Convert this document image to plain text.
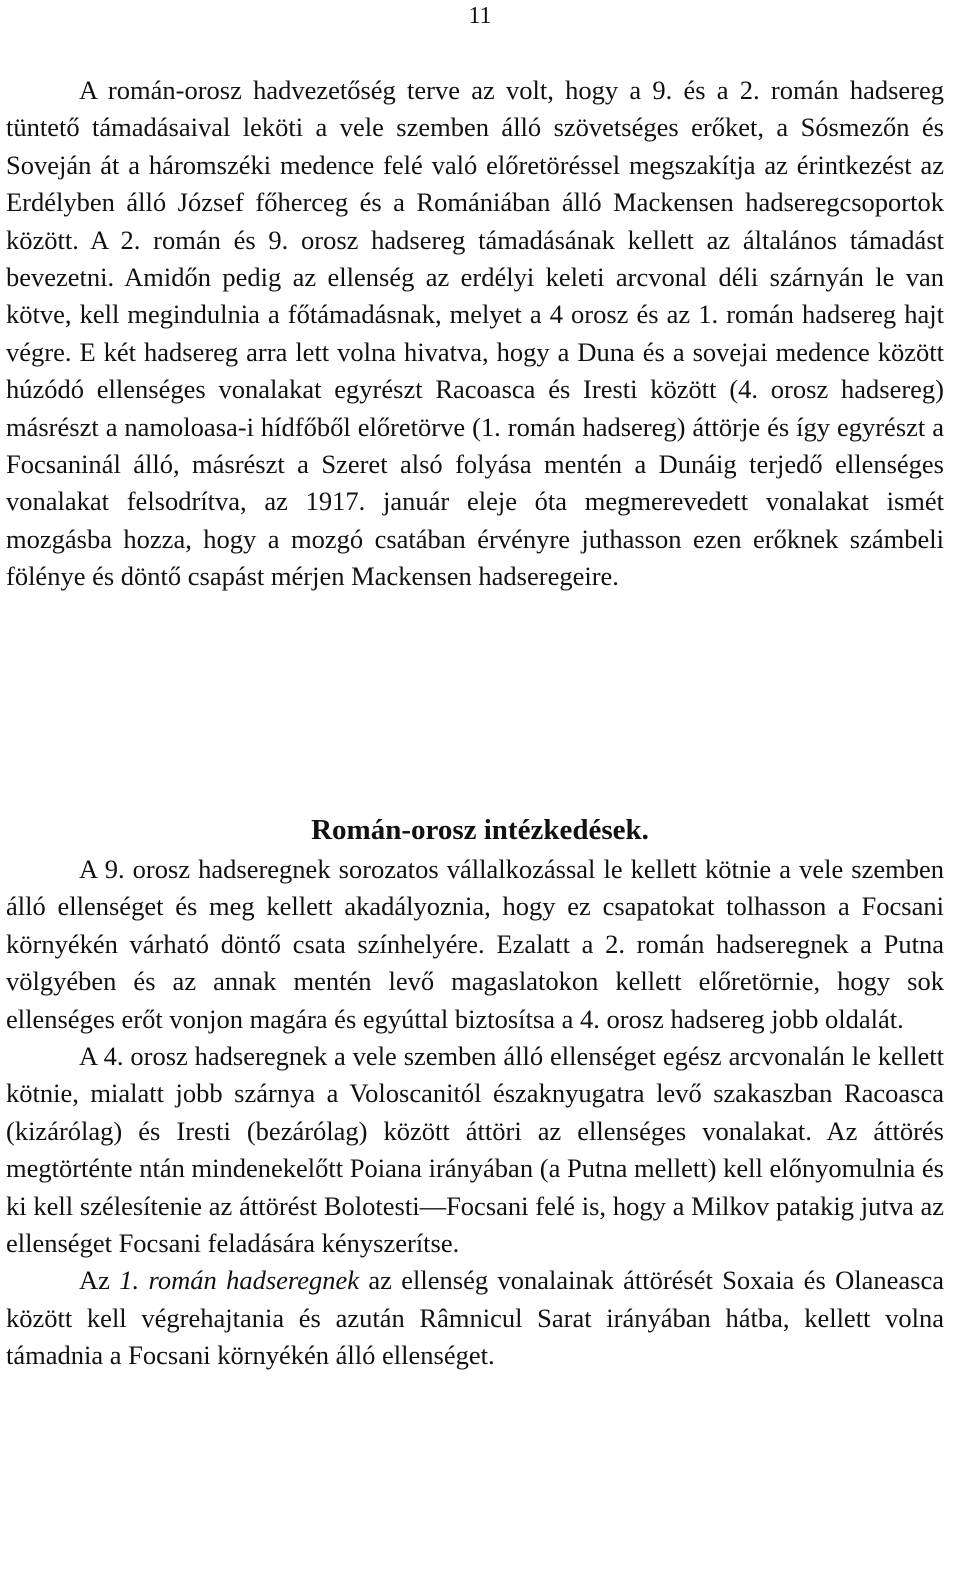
11

A román-orosz hadvezetőség terve az volt, hogy a 9. és a 2. román hadsereg tüntető támadásaival leköti a vele szemben álló szövetséges erőket, a Sósmezőn és Soveján át a háromszéki medence felé való előretöréssel megszakítja az érintkezést az Erdélyben álló József főherceg és a Romániában álló Mackensen hadseregcsoportok között. A 2. román és 9. orosz hadsereg támadásának kellett az általános támadást bevezetni. Amidőn pedig az ellenség az erdélyi keleti arcvonal déli szárnyán le van kötve, kell megindulnia a főtámadásnak, melyet a 4 orosz és az 1. román hadsereg hajt végre. E két hadsereg arra lett volna hivatva, hogy a Duna és a sovejai medence között húzódó ellenséges vonalakat egyrészt Racoasca és Iresti között (4. orosz hadsereg) másrészt a namoloasa-i hídfőből előretörve (1. román hadsereg) áttörje és így egyrészt a Focsaninál álló, másrészt a Szeret alsó folyása mentén a Dunáig terjedő ellenséges vonalakat felsodrítva, az 1917. január eleje óta megmerevedett vonalakat ismét mozgásba hozza, hogy a mozgó csatában érvényre juthasson ezen erőknek számbeli fölénye és döntő csapást mérjen Mackensen hadseregeire.

Román-orosz intézkedések.

A 9. orosz hadseregnek sorozatos vállalkozással le kellett kötnie a vele szemben álló ellenséget és meg kellett akadályoznia, hogy ez csapatokat tolhasson a Focsani környékén várható döntő csata színhelyére. Ezalatt a 2. román hadseregnek a Putna völgyében és az annak mentén levő magaslatokon kellett előretörnie, hogy sok ellenséges erőt vonjon magára és egyúttal biztosítsa a 4. orosz hadsereg jobb oldalát.

A 4. orosz hadseregnek a vele szemben álló ellenséget egész arcvonalán le kellett kötnie, mialatt jobb szárnya a Voloscanitól északnyugatra levő szakaszban Racoasca (kizárólag) és Iresti (bezárólag) között áttöri az ellenséges vonalakat. Az áttörés megtörténte ntán mindenekelőtt Poiana irányában (a Putna mellett) kell előnyomulnia és ki kell szélesítenie az áttörést Bolotesti—Focsani felé is, hogy a Milkov patakig jutva az ellenséget Focsani feladására kényszerítse.

Az 1. román hadseregnek az ellenség vonalainak áttörését Soxaia és Olaneasca között kell végrehajtania és azután Râmnicul Sarat irányában hátba, kellett volna támadnia a Focsani környékén álló ellenséget.
